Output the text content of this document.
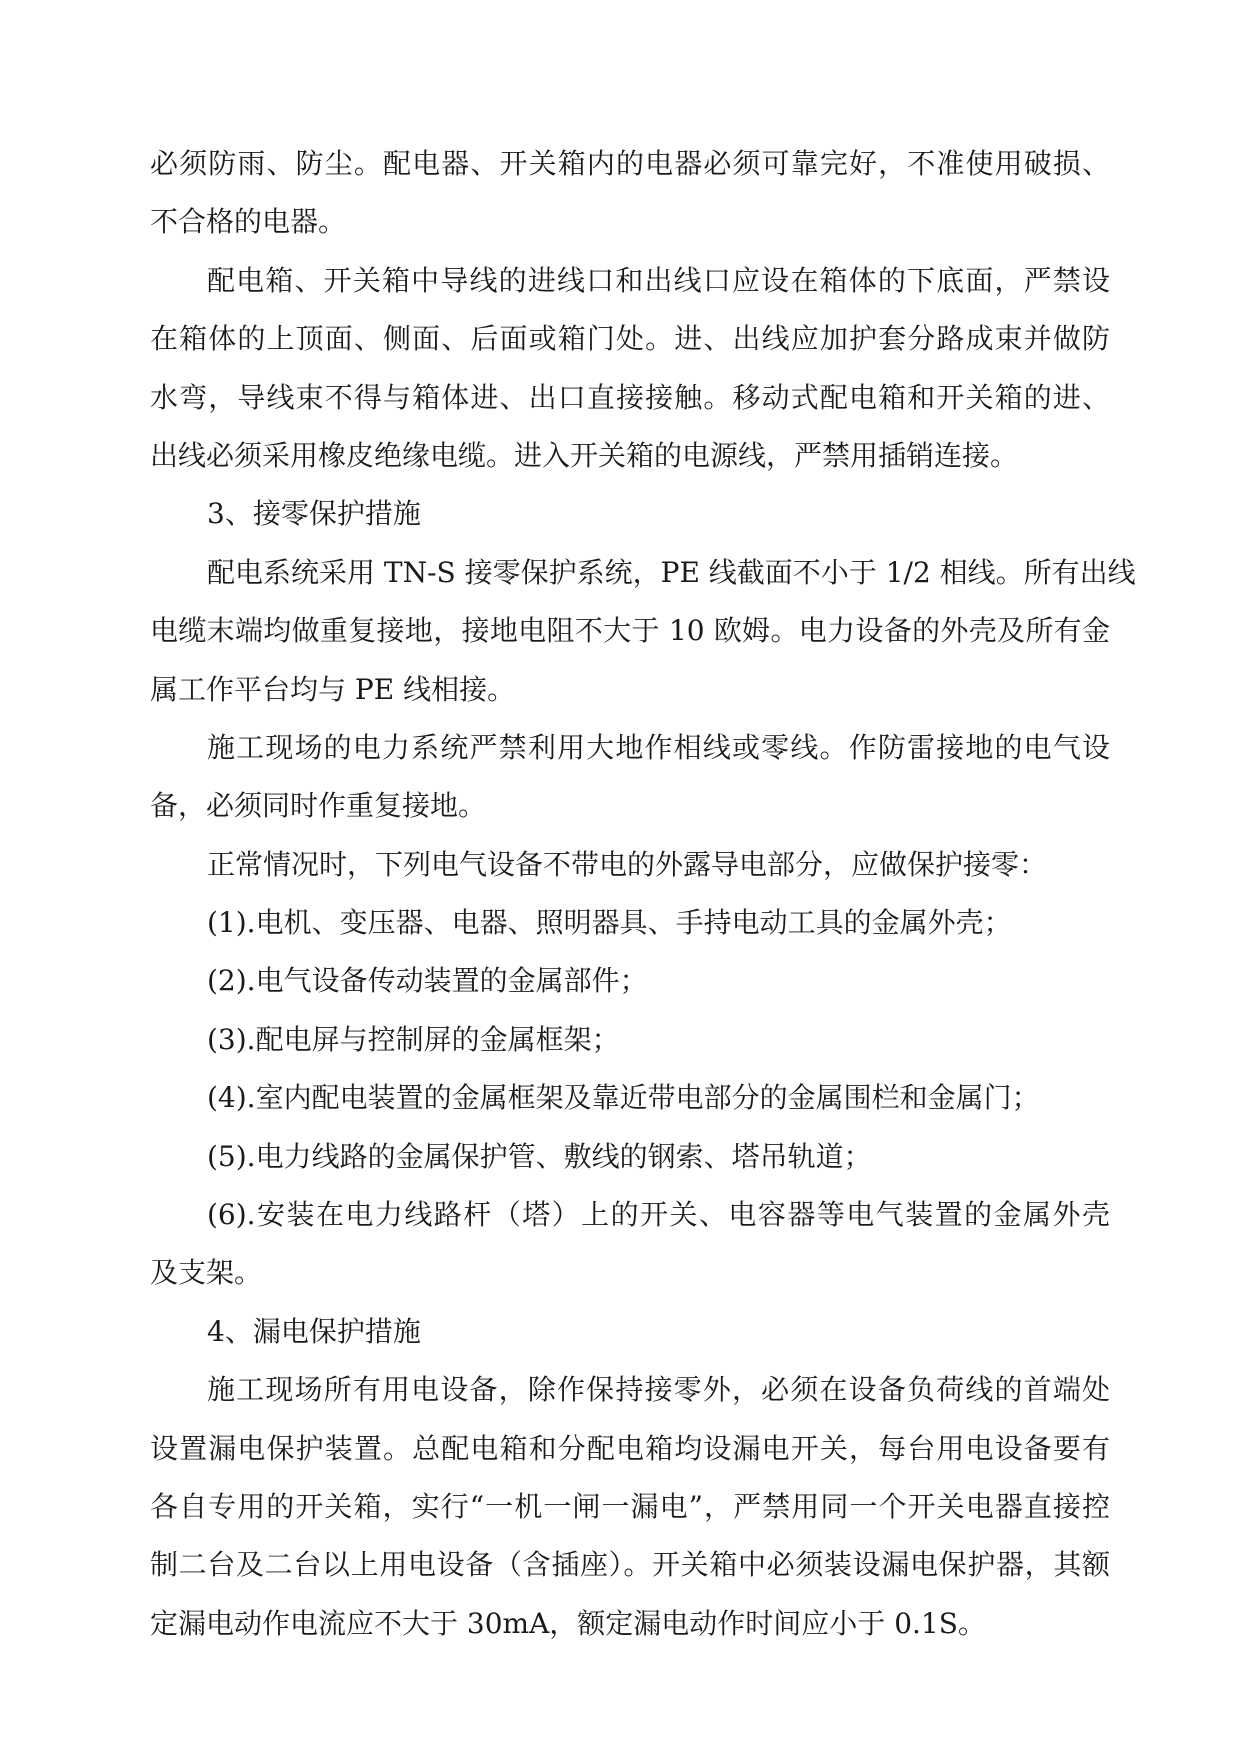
必须防雨、防尘。配电器、开关箱内的电器必须可靠完好，不准使用破损、
不合格的电器。
配电箱、开关箱中导线的进线口和出线口应设在箱体的下底面，严禁设
在箱体的上顶面、侧面、后面或箱门处。进、出线应加护套分路成束并做防
水弯，导线束不得与箱体进、出口直接接触。移动式配电箱和开关箱的进、
出线必须采用橡皮绝缘电缆。进入开关箱的电源线，严禁用插销连接。
3、接零保护措施
配电系统采用 TN-S 接零保护系统，PE 线截面不小于 1/2 相线。所有出线
电缆末端均做重复接地，接地电阻不大于 10 欧姆。电力设备的外壳及所有金
属工作平台均与 PE 线相接。
施工现场的电力系统严禁利用大地作相线或零线。作防雷接地的电气设
备，必须同时作重复接地。
正常情况时，下列电气设备不带电的外露导电部分，应做保护接零：
(1).电机、变压器、电器、照明器具、手持电动工具的金属外壳；
(2).电气设备传动装置的金属部件；
(3).配电屏与控制屏的金属框架；
(4).室内配电装置的金属框架及靠近带电部分的金属围栏和金属门；
(5).电力线路的金属保护管、敷线的钢索、塔吊轨道；
(6).安装在电力线路杆（塔）上的开关、电容器等电气装置的金属外壳
及支架。
4、漏电保护措施
施工现场所有用电设备，除作保持接零外，必须在设备负荷线的首端处
设置漏电保护装置。总配电箱和分配电箱均设漏电开关，每台用电设备要有
各自专用的开关箱，实行“一机一闸一漏电”，严禁用同一个开关电器直接控
制二台及二台以上用电设备（含插座）。开关箱中必须装设漏电保护器，其额
定漏电动作电流应不大于 30mA，额定漏电动作时间应小于 0.1S。
